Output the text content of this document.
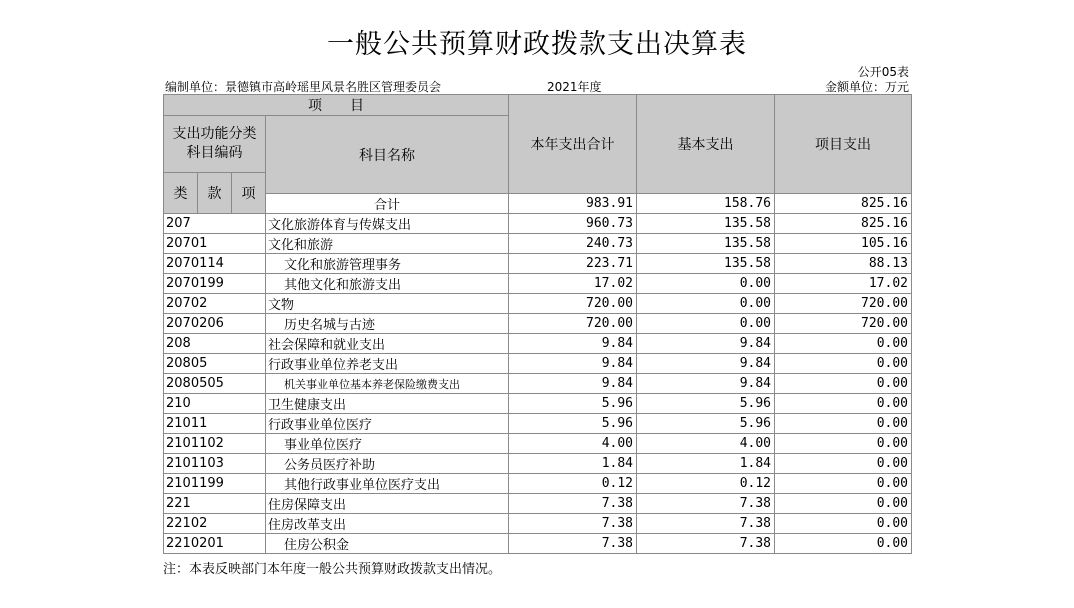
一般公共预算财政拨款支出决算表
公开05表
编制单位：景德镇市高岭瑶里风景名胜区管理委员会	2021年度	金额单位：万元
项　　目				本年支出合计	基本支出	项目支出	
支出功能分类科目编码			科目名称				
类	款	项				
			合计	983.91	158.76	825.16	
207			文化旅游体育与传媒支出	960.73	135.58	825.16	
20701			文化和旅游	240.73	135.58	105.16	
2070114			文化和旅游管理事务	223.71	135.58	88.13	
2070199			其他文化和旅游支出	17.02	0.00	17.02	
20702			文物	720.00	0.00	720.00	
2070206			历史名城与古迹	720.00	0.00	720.00	
208			社会保障和就业支出	9.84	9.84	0.00	
20805			行政事业单位养老支出	9.84	9.84	0.00	
2080505			机关事业单位基本养老保险缴费支出	9.84	9.84	0.00	
210			卫生健康支出	5.96	5.96	0.00	
21011			行政事业单位医疗	5.96	5.96	0.00	
2101102			事业单位医疗	4.00	4.00	0.00	
2101103			公务员医疗补助	1.84	1.84	0.00	
2101199			其他行政事业单位医疗支出	0.12	0.12	0.00	
221			住房保障支出	7.38	7.38	0.00	
22102			住房改革支出	7.38	7.38	0.00	
2210201			住房公积金	7.38	7.38	0.00	
注：本表反映部门本年度一般公共预算财政拨款支出情况。
